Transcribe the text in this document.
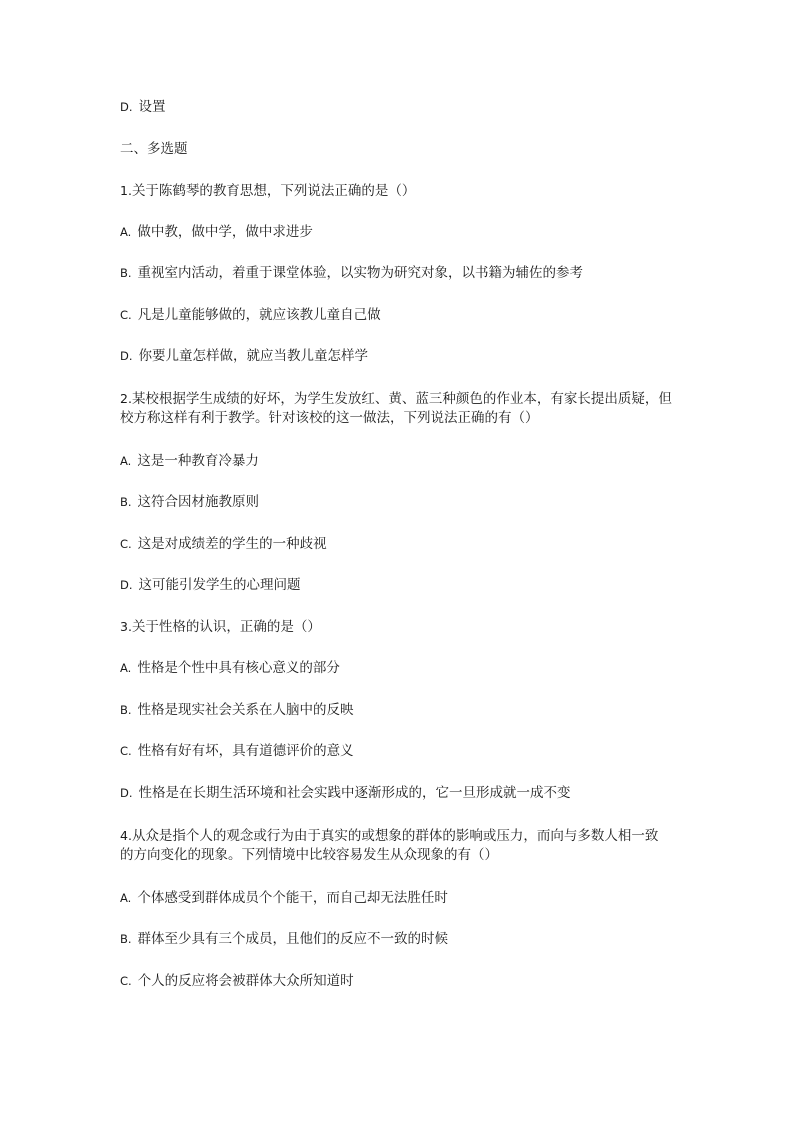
D. 设置
二、多选题
1.关于陈鹤琴的教育思想，下列说法正确的是（）
A. 做中教，做中学，做中求进步
B. 重视室内活动，着重于课堂体验，以实物为研究对象，以书籍为辅佐的参考
C. 凡是儿童能够做的，就应该教儿童自己做
D. 你要儿童怎样做，就应当教儿童怎样学
2.某校根据学生成绩的好坏，为学生发放红、黄、蓝三种颜色的作业本，有家长提出质疑，但校方称这样有利于教学。针对该校的这一做法，下列说法正确的有（）
A. 这是一种教育冷暴力
B. 这符合因材施教原则
C. 这是对成绩差的学生的一种歧视
D. 这可能引发学生的心理问题
3.关于性格的认识，正确的是（）
A. 性格是个性中具有核心意义的部分
B. 性格是现实社会关系在人脑中的反映
C. 性格有好有坏，具有道德评价的意义
D. 性格是在长期生活环境和社会实践中逐渐形成的，它一旦形成就一成不变
4.从众是指个人的观念或行为由于真实的或想象的群体的影响或压力，而向与多数人相一致的方向变化的现象。下列情境中比较容易发生从众现象的有（）
A. 个体感受到群体成员个个能干，而自己却无法胜任时
B. 群体至少具有三个成员，且他们的反应不一致的时候
C. 个人的反应将会被群体大众所知道时
